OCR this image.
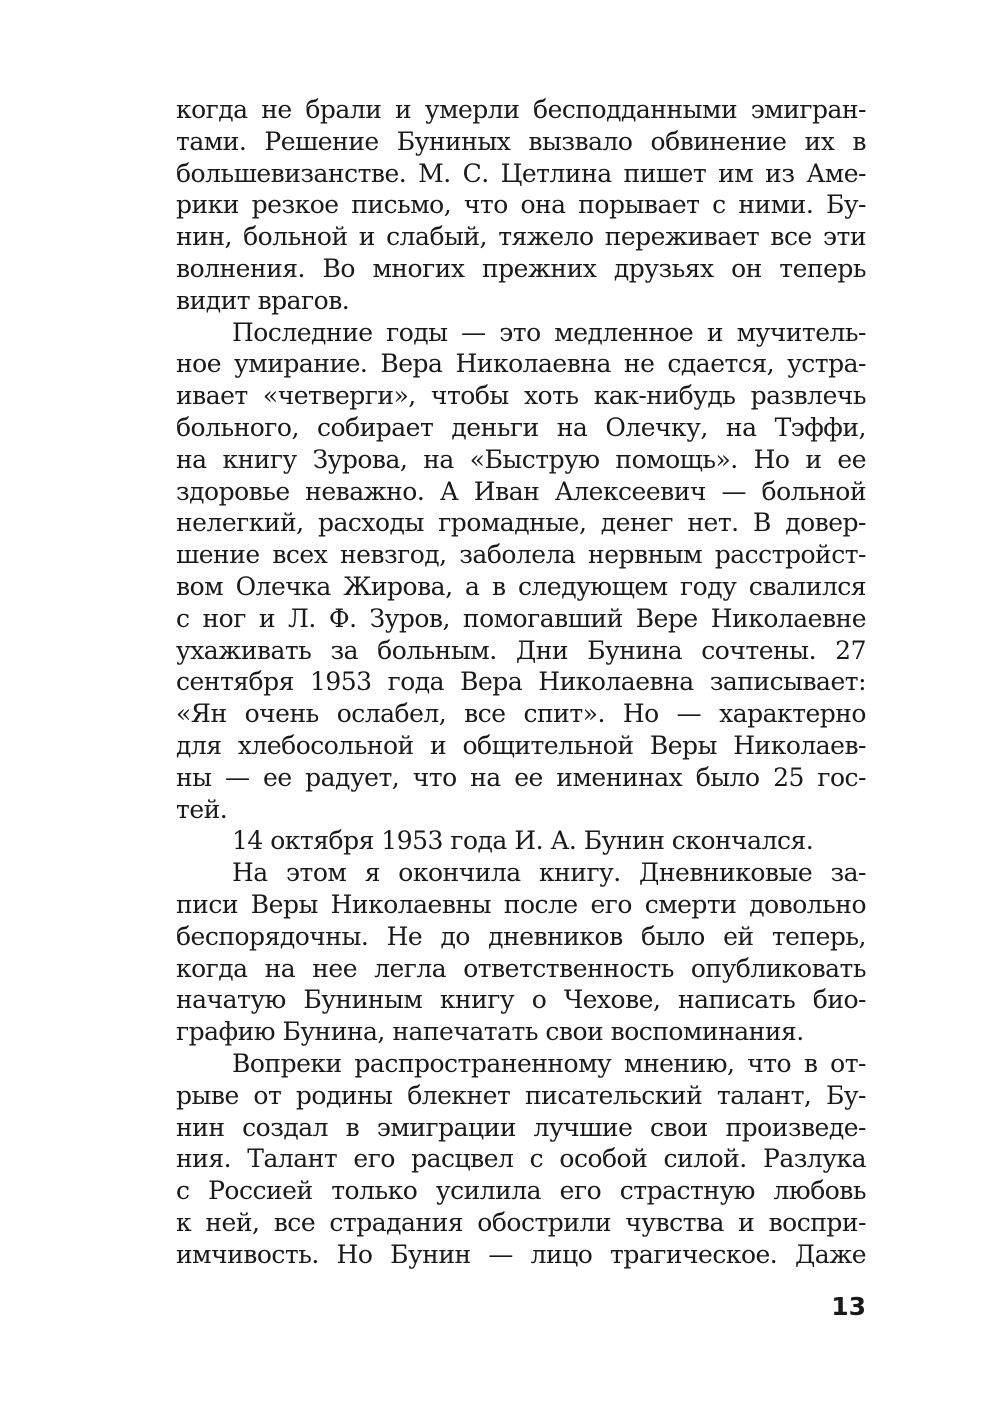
когда не брали и умерли бесподданными эмигран-
тами. Решение Буниных вызвало обвинение их в
большевизанстве. М. С. Цетлина пишет им из Аме-
рики резкое письмо, что она порывает с ними. Бу-
нин, больной и слабый, тяжело переживает все эти
волнения. Во многих прежних друзьях он теперь
видит врагов.
Последние годы — это медленное и мучитель-
ное умирание. Вера Николаевна не сдается, устра-
ивает «четверги», чтобы хоть как-нибудь развлечь
больного, собирает деньги на Олечку, на Тэффи,
на книгу Зурова, на «Быструю помощь». Но и ее
здоровье неважно. А Иван Алексеевич — больной
нелегкий, расходы громадные, денег нет. В довер-
шение всех невзгод, заболела нервным расстройст-
вом Олечка Жирова, а в следующем году свалился
с ног и Л. Ф. Зуров, помогавший Вере Николаевне
ухаживать за больным. Дни Бунина сочтены. 27
сентября 1953 года Вера Николаевна записывает:
«Ян очень ослабел, все спит». Но — характерно
для хлебосольной и общительной Веры Николаев-
ны — ее радует, что на ее именинах было 25 гос-
тей.
14 октября 1953 года И. А. Бунин скончался.
На этом я окончила книгу. Дневниковые за-
писи Веры Николаевны после его смерти довольно
беспорядочны. Не до дневников было ей теперь,
когда на нее легла ответственность опубликовать
начатую Буниным книгу о Чехове, написать био-
графию Бунина, напечатать свои воспоминания.
Вопреки распространенному мнению, что в от-
рыве от родины блекнет писательский талант, Бу-
нин создал в эмиграции лучшие свои произведе-
ния. Талант его расцвел с особой силой. Разлука
с Россией только усилила его страстную любовь
к ней, все страдания обострили чувства и воспри-
имчивость. Но Бунин — лицо трагическое. Даже
13
